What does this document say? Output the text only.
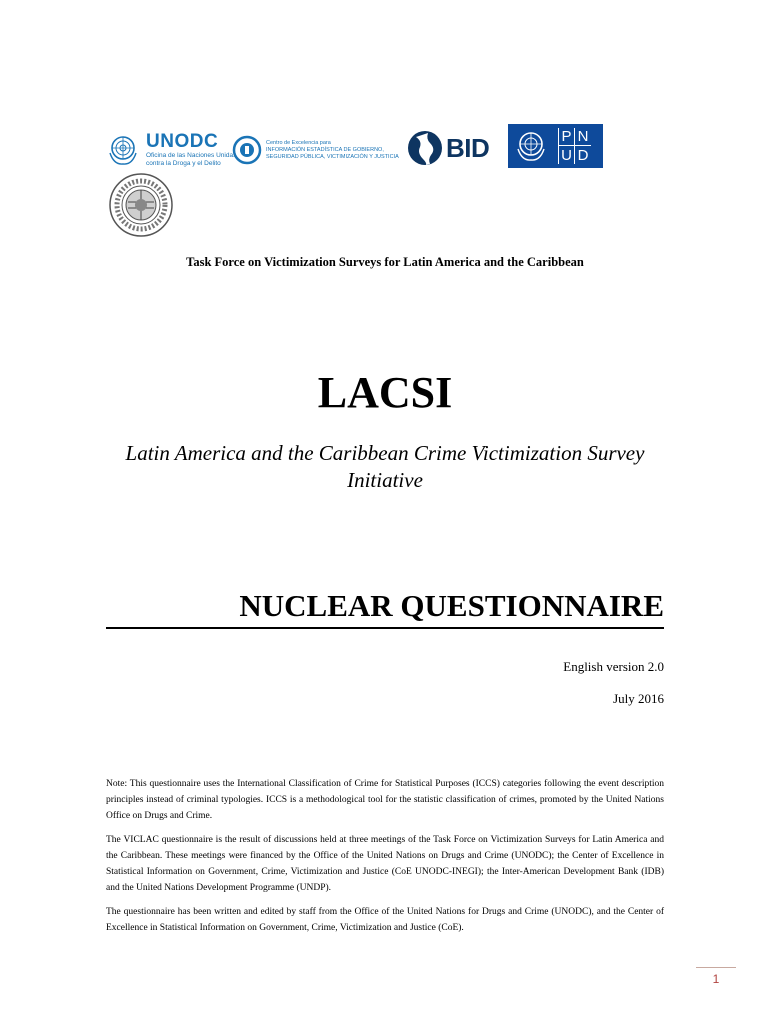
UNODC
Oficina de las Naciones Unidas
contra la Droga y el Delito
Centro de Excelencia para
INFORMACIÓN ESTADÍSTICA DE GOBIERNO,
SEGURIDAD PÚBLICA, VICTIMIZACIÓN Y JUSTICIA BID	P N
U D
Task Force on Victimization Surveys for Latin America and the Caribbean
LACSI
Latin America and the Caribbean Crime Victimization Survey Initiative
NUCLEAR QUESTIONNAIRE
English version 2.0
July 2016

Note: This questionnaire uses the International Classification of Crime for Statistical Purposes (ICCS) categories following the event description principles instead of criminal typologies. ICCS is a methodological tool for the statistic classification of crimes, promoted by the United Nations Office on Drugs and Crime.

The VICLAC questionnaire is the result of discussions held at three meetings of the Task Force on Victimization Surveys for Latin America and the Caribbean. These meetings were financed by the Office of the United Nations on Drugs and Crime (UNODC); the Center of Excellence in Statistical Information on Government, Crime, Victimization and Justice (CoE UNODC-INEGI); the Inter-American Development Bank (IDB) and the United Nations Development Programme (UNDP).

The questionnaire has been written and edited by staff from the Office of the United Nations for Drugs and Crime (UNODC), and the Center of Excellence in Statistical Information on Government, Crime, Victimization and Justice (CoE).

1
